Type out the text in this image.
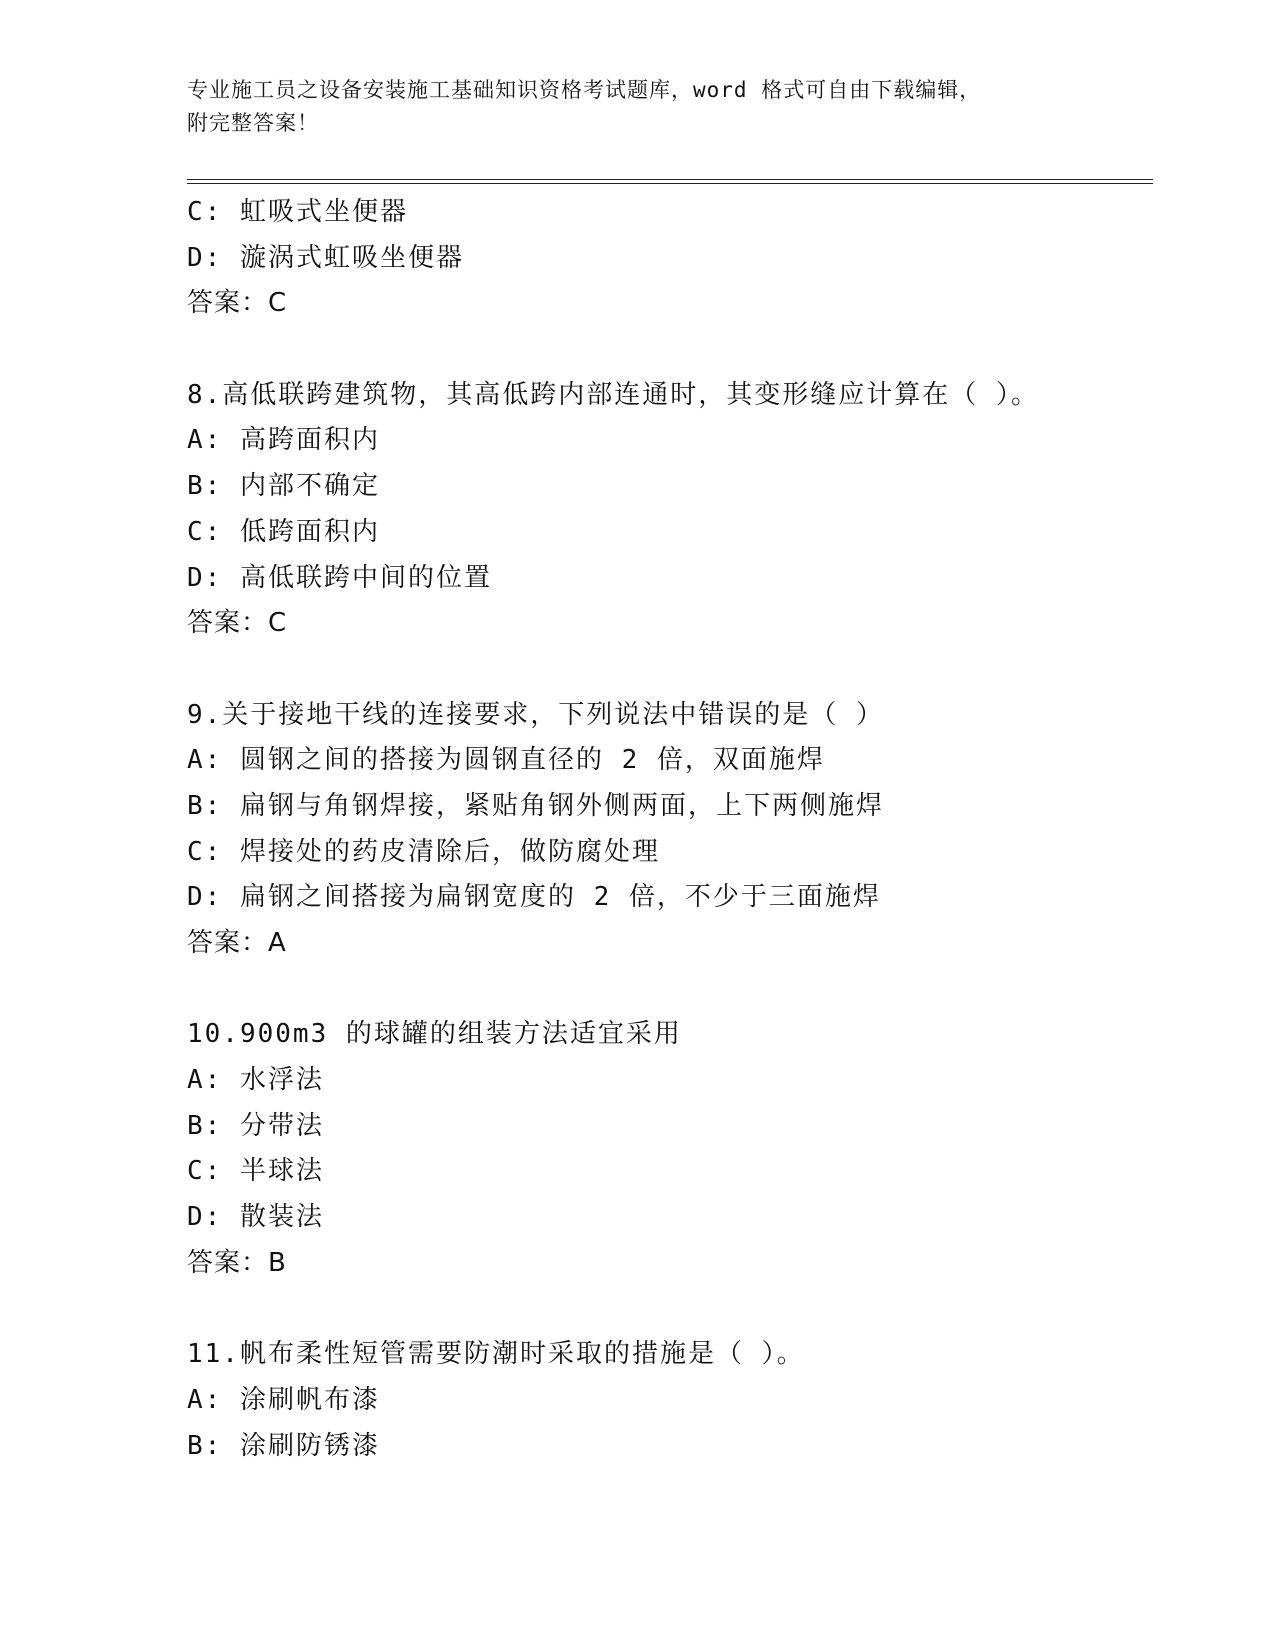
专业施工员之设备安装施工基础知识资格考试题库，word 格式可自由下载编辑，
附完整答案！
C: 虹吸式坐便器
D: 漩涡式虹吸坐便器
答案：C
8.高低联跨建筑物，其高低跨内部连通时，其变形缝应计算在（ ）。
A: 高跨面积内
B: 内部不确定
C: 低跨面积内
D: 高低联跨中间的位置
答案：C
9.关于接地干线的连接要求，下列说法中错误的是（ ）
A: 圆钢之间的搭接为圆钢直径的 2 倍，双面施焊
B: 扁钢与角钢焊接，紧贴角钢外侧两面，上下两侧施焊
C: 焊接处的药皮清除后，做防腐处理
D: 扁钢之间搭接为扁钢宽度的 2 倍，不少于三面施焊
答案：A
10.900m3 的球罐的组装方法适宜采用
A: 水浮法
B: 分带法
C: 半球法
D: 散装法
答案：B
11.帆布柔性短管需要防潮时采取的措施是（ ）。
A: 涂刷帆布漆
B: 涂刷防锈漆
